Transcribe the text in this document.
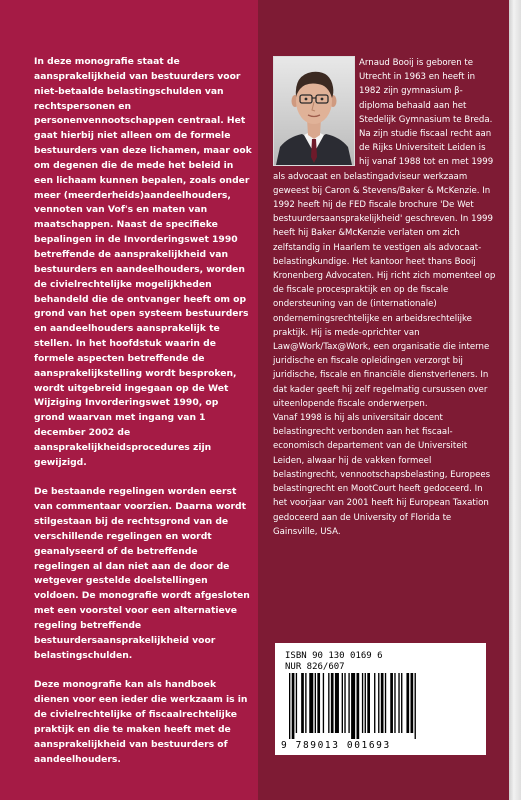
In deze monografie staat de aansprakelijkheid van bestuurders voor niet-betaalde belastingschulden van rechtspersonen en personenvennootschappen centraal. Het gaat hierbij niet alleen om de formele bestuurders van deze lichamen, maar ook om degenen die de mede het beleid in een lichaam kunnen bepalen, zoals onder meer (meerderheids)aandeelhouders, vennoten van Vof's en maten van maatschappen. Naast de specifieke bepalingen in de Invorderingswet 1990 betreffende de aansprakelijkheid van bestuurders en aandeelhouders, worden de civielrechtelijke mogelijkheden behandeld die de ontvanger heeft om op grond van het open systeem bestuurders en aandeelhouders aansprakelijk te stellen. In het hoofdstuk waarin de formele aspecten betreffende de aansprakelijkstelling wordt besproken, wordt uitgebreid ingegaan op de Wet Wijziging Invorderingswet 1990, op grond waarvan met ingang van 1 december 2002 de aansprakelijkheidsprocedures zijn gewijzigd.

De bestaande regelingen worden eerst van commentaar voorzien. Daarna wordt stilgestaan bij de rechtsgrond van de verschillende regelingen en wordt geanalyseerd of de betreffende regelingen al dan niet aan de door de wetgever gestelde doelstellingen voldoen. De monografie wordt afgesloten met een voorstel voor een alternatieve regeling betreffende bestuurdersaansprakelijkheid voor belastingschulden.

Deze monografie kan als handboek dienen voor een ieder die werkzaam is in de civielrechtelijke of fiscaalrechtelijke praktijk en die te maken heeft met de aansprakelijkheid van bestuurders of aandeelhouders.

Arnaud Booij is geboren te Utrecht in 1963 en heeft in 1982 zijn gymnasium β-diploma behaald aan het Stedelijk Gymnasium te Breda. Na zijn studie fiscaal recht aan de Rijks Universiteit Leiden is hij vanaf 1988 tot en met 1999 als advocaat en belastingadviseur werkzaam geweest bij Caron & Stevens/Baker & McKenzie. In 1992 heeft hij de FED fiscale brochure 'De Wet bestuurdersaansprakelijkheid' geschreven. In 1999 heeft hij Baker &McKenzie verlaten om zich zelfstandig in Haarlem te vestigen als advocaat-belastingkundige. Het kantoor heet thans Booij Kronenberg Advocaten. Hij richt zich momenteel op de fiscale procespraktijk en op de fiscale ondersteuning van de (internationale) ondernemingsrechtelijke en arbeidsrechtelijke praktijk. Hij is mede-oprichter van Law@Work/Tax@Work, een organisatie die interne juridische en fiscale opleidingen verzorgt bij juridische, fiscale en financiële dienstverleners. In dat kader geeft hij zelf regelmatig cursussen over uiteenlopende fiscale onderwerpen.

Vanaf 1998 is hij als universitair docent belastingrecht verbonden aan het fiscaal-economisch departement van de Universiteit Leiden, alwaar hij de vakken formeel belastingrecht, vennootschapsbelasting, Europees belastingrecht en MootCourt heeft gedoceerd. In het voorjaar van 2001 heeft hij European Taxation gedoceerd aan de University of Florida te Gainsville, USA.

ISBN 90 130 0169 6
NUR 826/607
9 789013 001693
